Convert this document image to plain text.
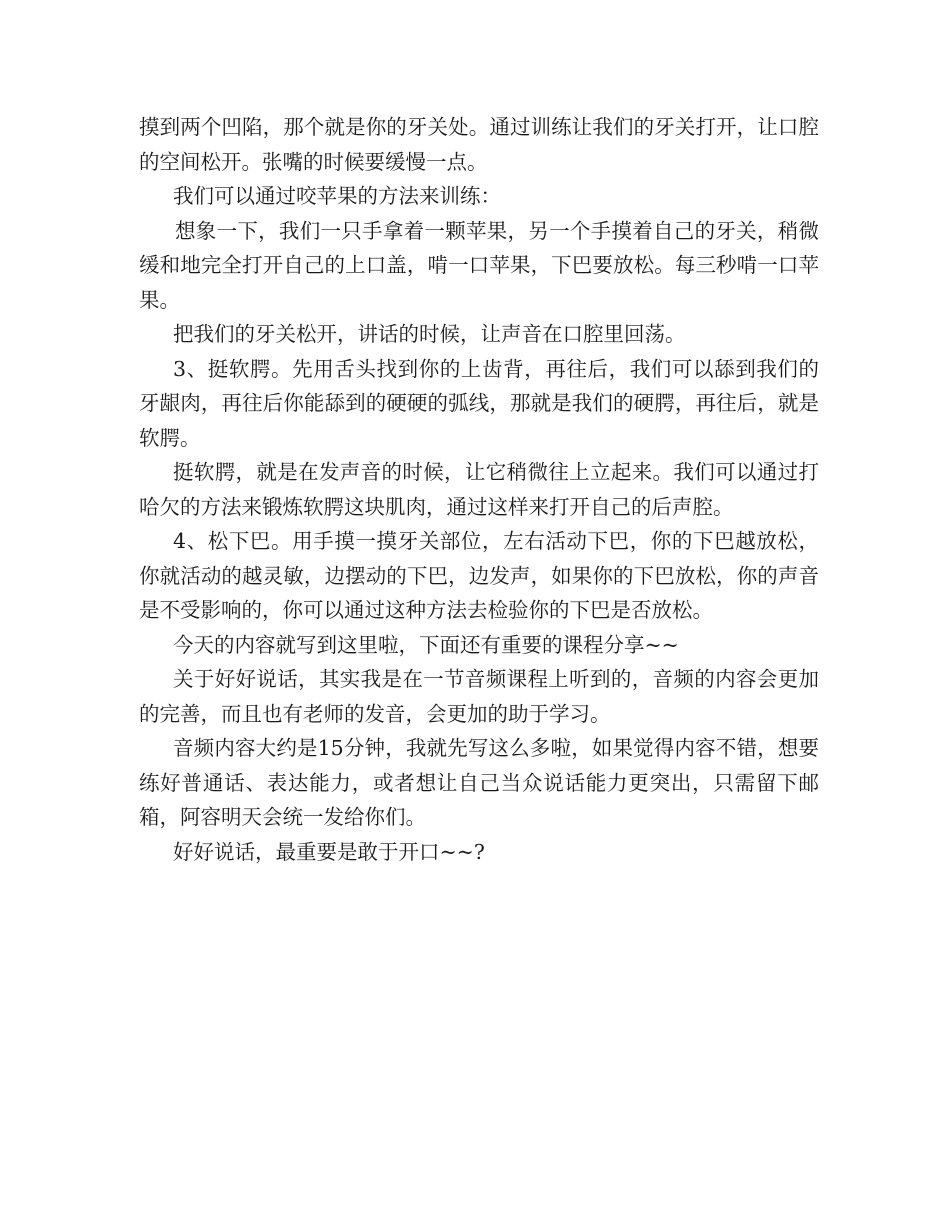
摸到两个凹陷，那个就是你的牙关处。通过训练让我们的牙关打开，让口腔的空间松开。张嘴的时候要缓慢一点。

我们可以通过咬苹果的方法来训练：

想象一下，我们一只手拿着一颗苹果，另一个手摸着自己的牙关，稍微缓和地完全打开自己的上口盖，啃一口苹果，下巴要放松。每三秒啃一口苹果。

把我们的牙关松开，讲话的时候，让声音在口腔里回荡。

3、挺软腭。先用舌头找到你的上齿背，再往后，我们可以舔到我们的牙龈肉，再往后你能舔到的硬硬的弧线，那就是我们的硬腭，再往后，就是软腭。

挺软腭，就是在发声音的时候，让它稍微往上立起来。我们可以通过打哈欠的方法来锻炼软腭这块肌肉，通过这样来打开自己的后声腔。

4、松下巴。用手摸一摸牙关部位，左右活动下巴，你的下巴越放松，你就活动的越灵敏，边摆动的下巴，边发声，如果你的下巴放松，你的声音是不受影响的，你可以通过这种方法去检验你的下巴是否放松。

今天的内容就写到这里啦，下面还有重要的课程分享~~

关于好好说话，其实我是在一节音频课程上听到的，音频的内容会更加的完善，而且也有老师的发音，会更加的助于学习。

音频内容大约是15分钟，我就先写这么多啦，如果觉得内容不错，想要练好普通话、表达能力，或者想让自己当众说话能力更突出，只需留下邮箱，阿容明天会统一发给你们。

好好说话，最重要是敢于开口~~?
